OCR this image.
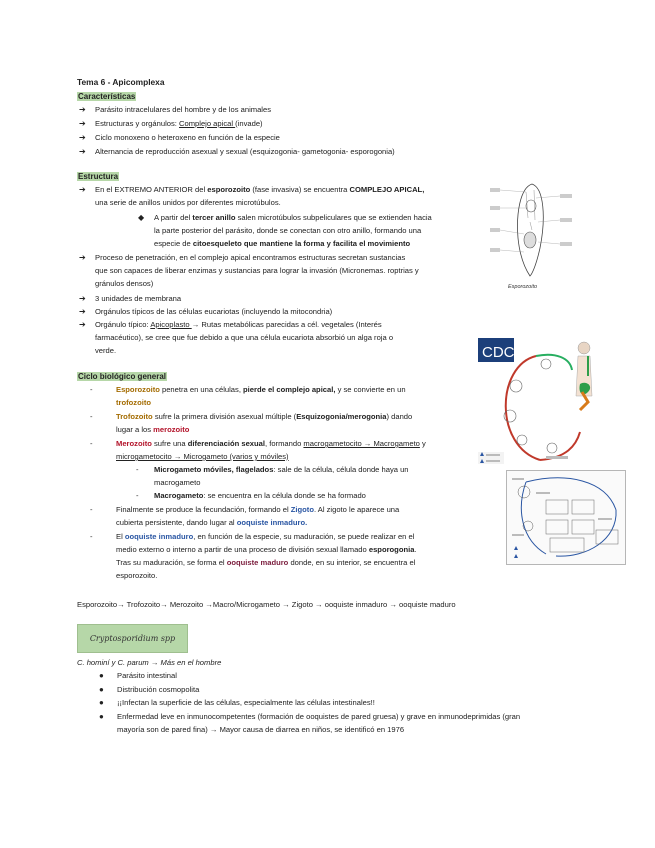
Tema 6 - Apicomplexa
Características
➔ Parásito intracelulares del hombre y de los animales
➔ Estructuras y orgánulos: Complejo apical (invade)
➔ Ciclo monoxeno o heteroxeno en función de la especie
➔ Alternancia de reproducción asexual y sexual (esquizogonia- gametogonia- esporogonia)
Estructura
➔ En el EXTREMO ANTERIOR del esporozoito (fase invasiva) se encuentra COMPLEJO APICAL,
una serie de anillos unidos por diferentes microtúbulos.
◆ A partir del tercer anillo salen microtúbulos subpeliculares que se extienden hacia
la parte posterior del parásito, donde se conectan con otro anillo, formando una
especie de citoesqueleto que mantiene la forma y facilita el movimiento
➔ Proceso de penetración, en el complejo apical encontramos estructuras secretan sustancias
que son capaces de liberar enzimas y sustancias para lograr la invasión (Micronemas. roptrias y
gránulos densos)
➔ 3 unidades de membrana
➔ Orgánulos típicos de las células eucariotas (incluyendo la mitocondria)
➔ Orgánulo típico: Apicoplasto → Rutas metabólicas parecidas a cél. vegetales (Interés
farmacéutico), se cree que fue debido a que una célula eucariota absorbió un alga roja o
verde.
Esporozoito
Ciclo biológico general
-	Esporozoito penetra en una células, pierde el complejo apical, y se convierte en un
trofozoito
-	Trofozoito sufre la primera división asexual múltiple (Esquizogonia/merogonia) dando
lugar a los merozoito
-	Merozoito sufre una diferenciación sexual, formando macrogametocito → Macrogameto y
microgametocito → Microgameto (varios y móviles)
- Microgameto móviles, flagelados: sale de la célula, célula donde haya un
macrogameto
- Macrogameto: se encuentra en la célula donde se ha formado
-	Finalmente se produce la fecundación, formando el Zigoto. Al zigoto le aparece una
cubierta persistente, dando lugar al ooquiste inmaduro.
-	El ooquiste inmaduro, en función de la especie, su maduración, se puede realizar en el
medio externo o interno a partir de una proceso de división sexual llamado esporogonia.
Tras su maduración, se forma el ooquiste maduro donde, en su interior, se encuentra el
esporozoito.
Esporozoito→ Trofozoito→ Merozoito →Macro/Microgameto → Zigoto → ooquiste inmaduro → ooquiste maduro
CDC
Cryptosporidium spp
C. hominí y C. parum → Más en el hombre
● Parásito intestinal
● Distribución cosmopolita
● ¡¡Infectan la superficie de las células, especialmente las células intestinales!!
● Enfermedad leve en inmunocompetentes (formación de ooquistes de pared gruesa) y grave en inmunodeprimidas (gran
mayoría son de pared fina) → Mayor causa de diarrea en niños, se identificó en 1976
